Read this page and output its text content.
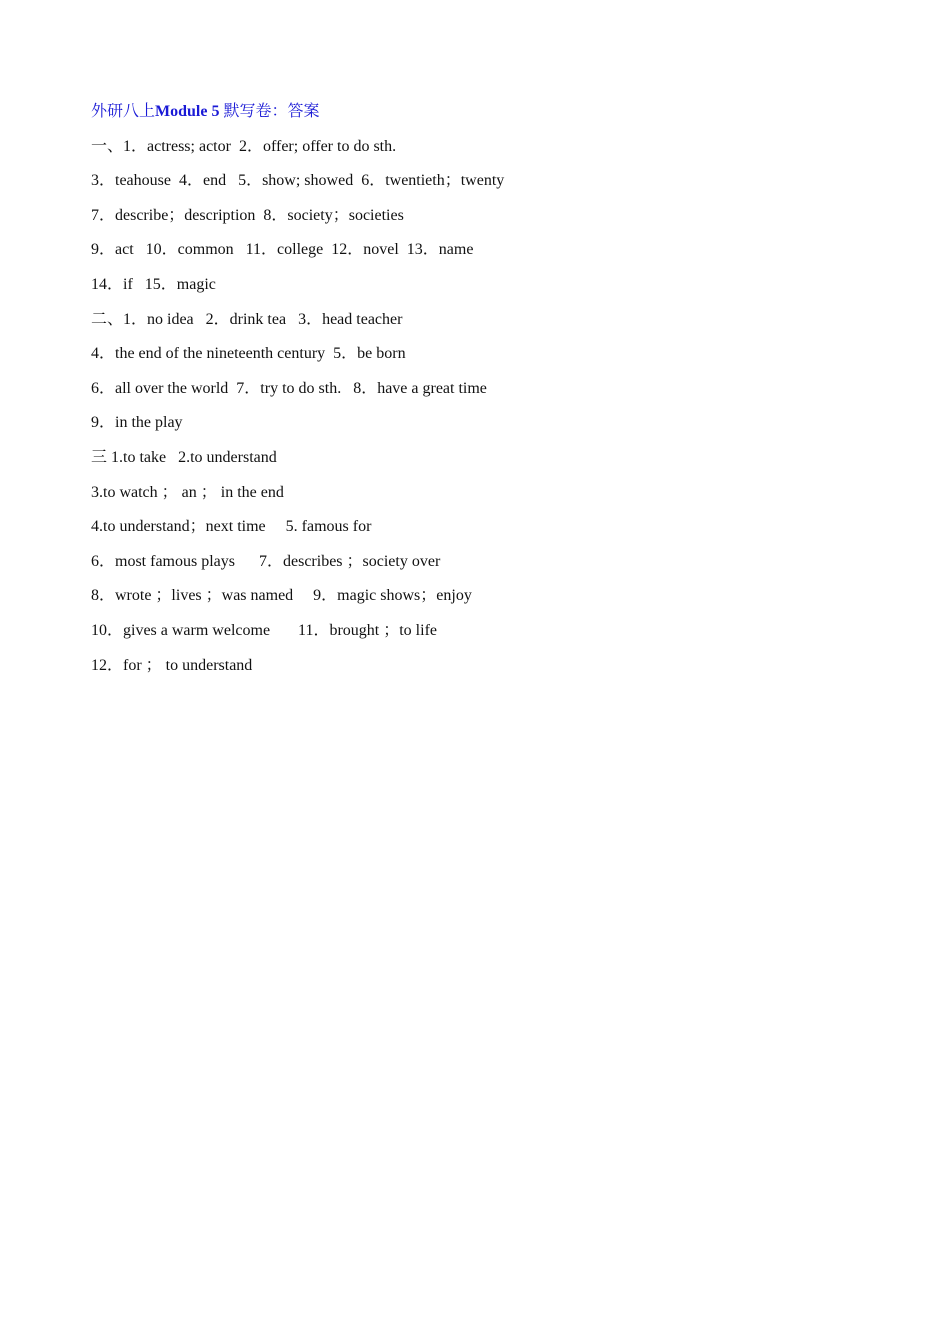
外研八上Module 5 默写卷：答案
一、1．actress; actor  2．offer; offer to do sth.
3．teahouse  4．end   5．show; showed  6．twentieth；twenty
7．describe；description  8．society；societies
9．act   10．common   11．college  12．novel  13．name
14．if   15．magic
二、1．no idea   2．drink tea   3．head teacher
4．the end of the nineteenth century  5．be born
6．all over the world  7．try to do sth.   8．have a great time
9．in the play
三 1.to take   2.to understand
3.to watch ； an ； in the end
4.to understand；next time     5. famous for
6．most famous plays      7．describes ；society over
8．wrote ；lives ；was named     9．magic shows；enjoy
10．gives a warm welcome       11．brought ；to life
12．for ； to understand
